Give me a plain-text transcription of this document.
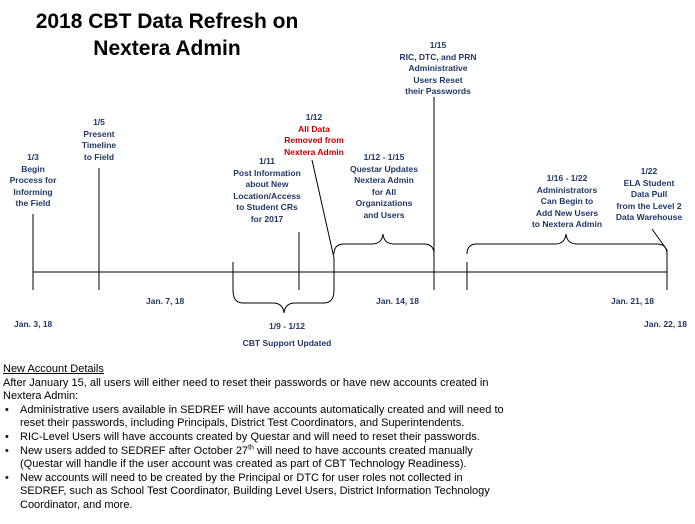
2018 CBT Data Refresh on
Nextera Admin
1/3
Begin
Process for
Informing
the Field
1/5
Present
Timeline
to Field	1/11
Post Information
about New
Location/Access
to Student CRs
for 2017
1/12
All Data
Removed from
Nextera Admin
1/12 - 1/15
Questar Updates
Nextera Admin
for All
Organizations
and Users
1/15
RIC, DTC, and PRN
Administrative
Users Reset
their Passwords
1/16 - 1/22
Administrators
Can Begin to
Add New Users
to Nextera Admin
1/22
ELA Student
Data Pull
from the Level 2
Data Warehouse
1/9 - 1/12
CBT Support Updated
Jan. 3, 18
Jan. 7, 18	Jan. 14, 18	Jan. 21, 18
Jan. 22, 18
New Account Details
After January 15, all users will either need to reset their passwords or have new accounts created in Nextera Admin:
• Administrative users available in SEDREF will have accounts automatically created and will need to reset their passwords, including Principals, District Test Coordinators, and Superintendents.
• RIC-Level Users will have accounts created by Questar and will need to reset their passwords.
• New users added to SEDREF after October 27th will need to have accounts created manually (Questar will handle if the user account was created as part of CBT Technology Readiness).
• New accounts will need to be created by the Principal or DTC for user roles not collected in SEDREF, such as School Test Coordinator, Building Level Users, District Information Technology Coordinator, and more.
